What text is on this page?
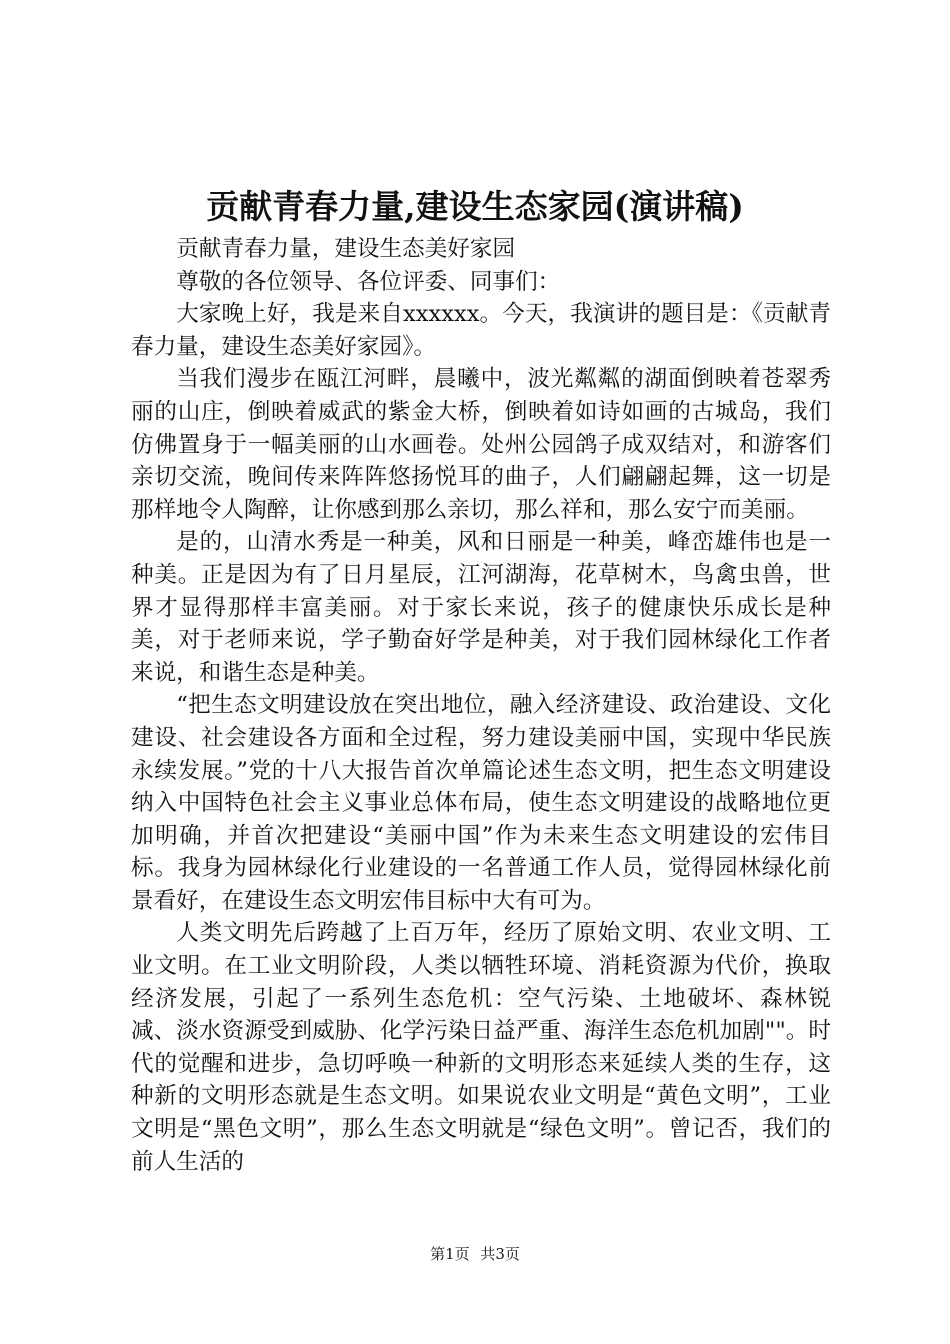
贡献青春力量,建设生态家园(演讲稿)

贡献青春力量，建设生态美好家园

尊敬的各位领导、各位评委、同事们：

大家晚上好，我是来自xxxxxx。今天，我演讲的题目是：《贡献青春力量，建设生态美好家园》。

当我们漫步在瓯江河畔，晨曦中，波光粼粼的湖面倒映着苍翠秀丽的山庄，倒映着威武的紫金大桥，倒映着如诗如画的古城岛，我们仿佛置身于一幅美丽的山水画卷。处州公园鸽子成双结对，和游客们亲切交流，晚间传来阵阵悠扬悦耳的曲子，人们翩翩起舞，这一切是那样地令人陶醉，让你感到那么亲切，那么祥和，那么安宁而美丽。

是的，山清水秀是一种美，风和日丽是一种美，峰峦雄伟也是一种美。正是因为有了日月星辰，江河湖海，花草树木，鸟禽虫兽，世界才显得那样丰富美丽。对于家长来说，孩子的健康快乐成长是种美，对于老师来说，学子勤奋好学是种美，对于我们园林绿化工作者来说，和谐生态是种美。

“把生态文明建设放在突出地位，融入经济建设、政治建设、文化建设、社会建设各方面和全过程，努力建设美丽中国，实现中华民族永续发展。”党的十八大报告首次单篇论述生态文明，把生态文明建设纳入中国特色社会主义事业总体布局，使生态文明建设的战略地位更加明确，并首次把建设“美丽中国”作为未来生态文明建设的宏伟目标。我身为园林绿化行业建设的一名普通工作人员，觉得园林绿化前景看好，在建设生态文明宏伟目标中大有可为。

人类文明先后跨越了上百万年，经历了原始文明、农业文明、工业文明。在工业文明阶段，人类以牺牲环境、消耗资源为代价，换取经济发展，引起了一系列生态危机：空气污染、土地破坏、森林锐减、淡水资源受到威胁、化学污染日益严重、海洋生态危机加剧""。时代的觉醒和进步，急切呼唤一种新的文明形态来延续人类的生存，这种新的文明形态就是生态文明。如果说农业文明是“黄色文明”，工业文明是“黑色文明”，那么生态文明就是“绿色文明”。曾记否，我们的前人生活的

第1页 共3页
